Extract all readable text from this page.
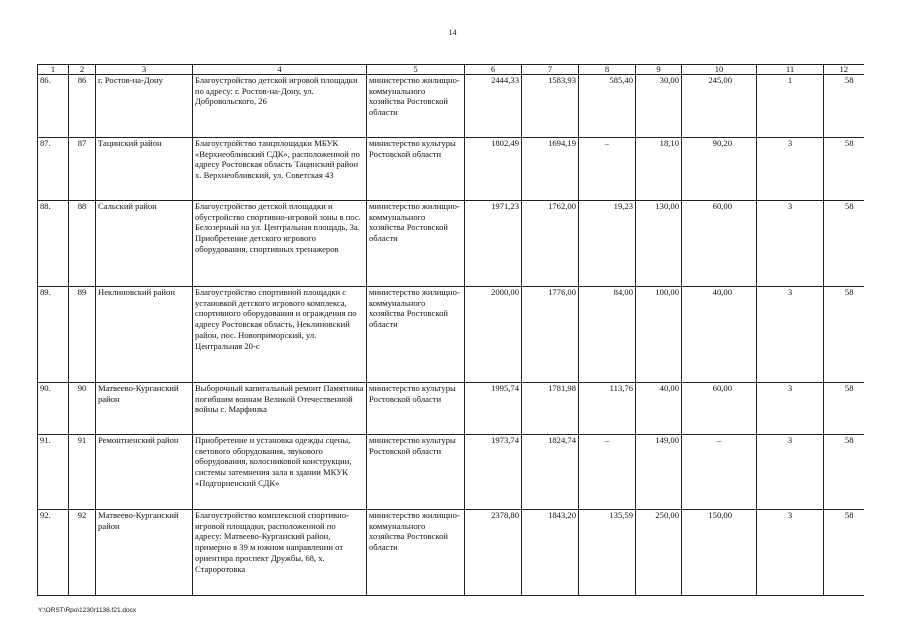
14
1	2	3	4	5	6	7	8	9	10	11	12
86.	86	г. Ростов-на-Дону	Благоустройство детской игровой площадки по адресу: г. Ростов-на-Дону, ул. Добровольского, 26	министерство жилищно-коммунального хозяйства Ростовской области	2444,33	1583,93	585,40	30,00	245,00	1	58
87.	87	Тацинский район	Благоустройство танцплощадки МБУК «Верхнеобливский СДК», расположенной по адресу Ростовская область Тацинский район х. Верхнеобливский, ул. Советская 43	министерство культуры Ростовской области	1802,49	1694,19	–	18,10	90,20	3	58
88.	88	Сальский район	Благоустройство детской площадки и обустройство спортивно-игровой зоны в пос. Белозерный на ул. Центральная площадь, 3а. Приобретение детского игрового оборудования, спортивных тренажеров	министерство жилищно-коммунального хозяйства Ростовской области	1971,23	1762,00	19,23	130,00	60,00	3	58
89.	89	Неклиновский район	Благоустройство спортивной площадки с установкой детского игрового комплекса, спортивного оборудования и ограждения по адресу Ростовская область, Неклиновский район, пос. Новоприморский, ул. Центральная 20-с	министерство жилищно-коммунального хозяйства Ростовской области	2000,00	1776,00	84,00	100,00	40,00	3	58
90.	90	Матвеево-Курганский район	Выборочный капитальный ремонт Памятника погибшим воинам Великой Отечественной войны с. Марфинка	министерство культуры Ростовской области	1995,74	1781,98	113,76	40,00	60,00	3	58
91.	91	Ремонтненский район	Приобретение и установка одежды сцены, светового оборудования, звукового оборудования, колосниковой конструкции, системы затемнения зала в здании МКУК «Подгорненский СДК»	министерство культуры Ростовской области	1973,74	1824,74	–	149,00	–	3	58
92.	92	Матвеево-Курганский район	Благоустройство комплексной спортивно-игровой площадки, расположенной по адресу: Матвеево-Курганский район, примерно в 39 м южном направлении от ориентира проспект Дружбы, 68, х. Староротовка	министерство жилищно-коммунального хозяйства Ростовской области	2378,80	1843,20	135,59	250,00	150,00	3	58
Y:\ORST\Rpo\1230r1138.f21.docx
